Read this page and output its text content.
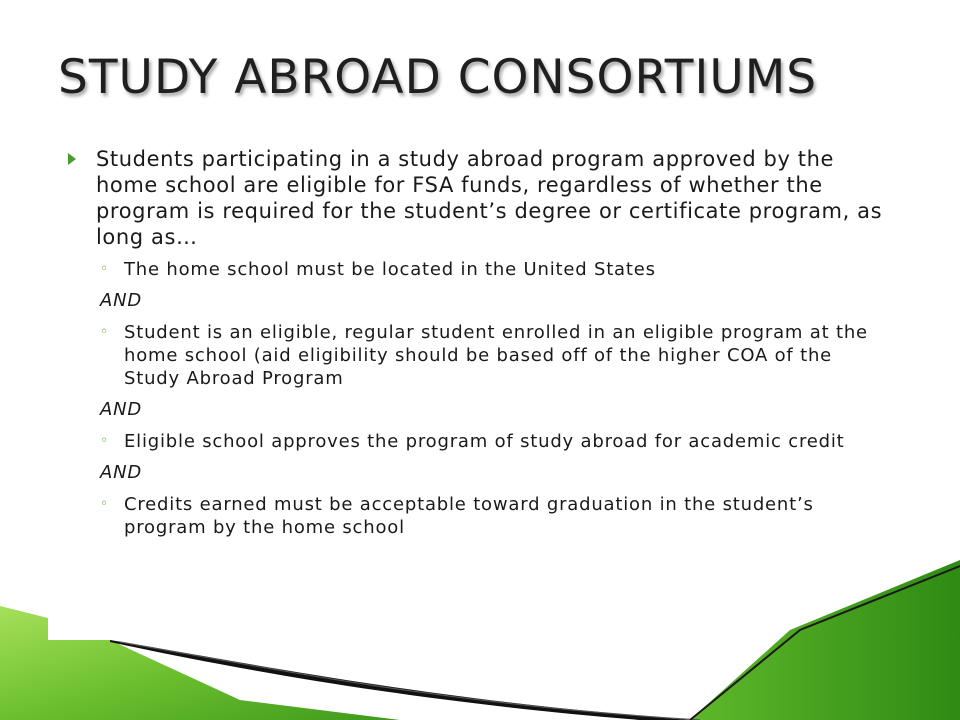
STUDY ABROAD CONSORTIUMS
Students participating in a study abroad program approved by the home school are eligible for FSA funds, regardless of whether the program is required for the student’s degree or certificate program, as long as…
◦ The home school must be located in the United States
AND
◦ Student is an eligible, regular student enrolled in an eligible program at the home school (aid eligibility should be based off of the higher COA of the Study Abroad Program
AND
◦ Eligible school approves the program of study abroad for academic credit
AND
◦ Credits earned must be acceptable toward graduation in the student’s program by the home school
